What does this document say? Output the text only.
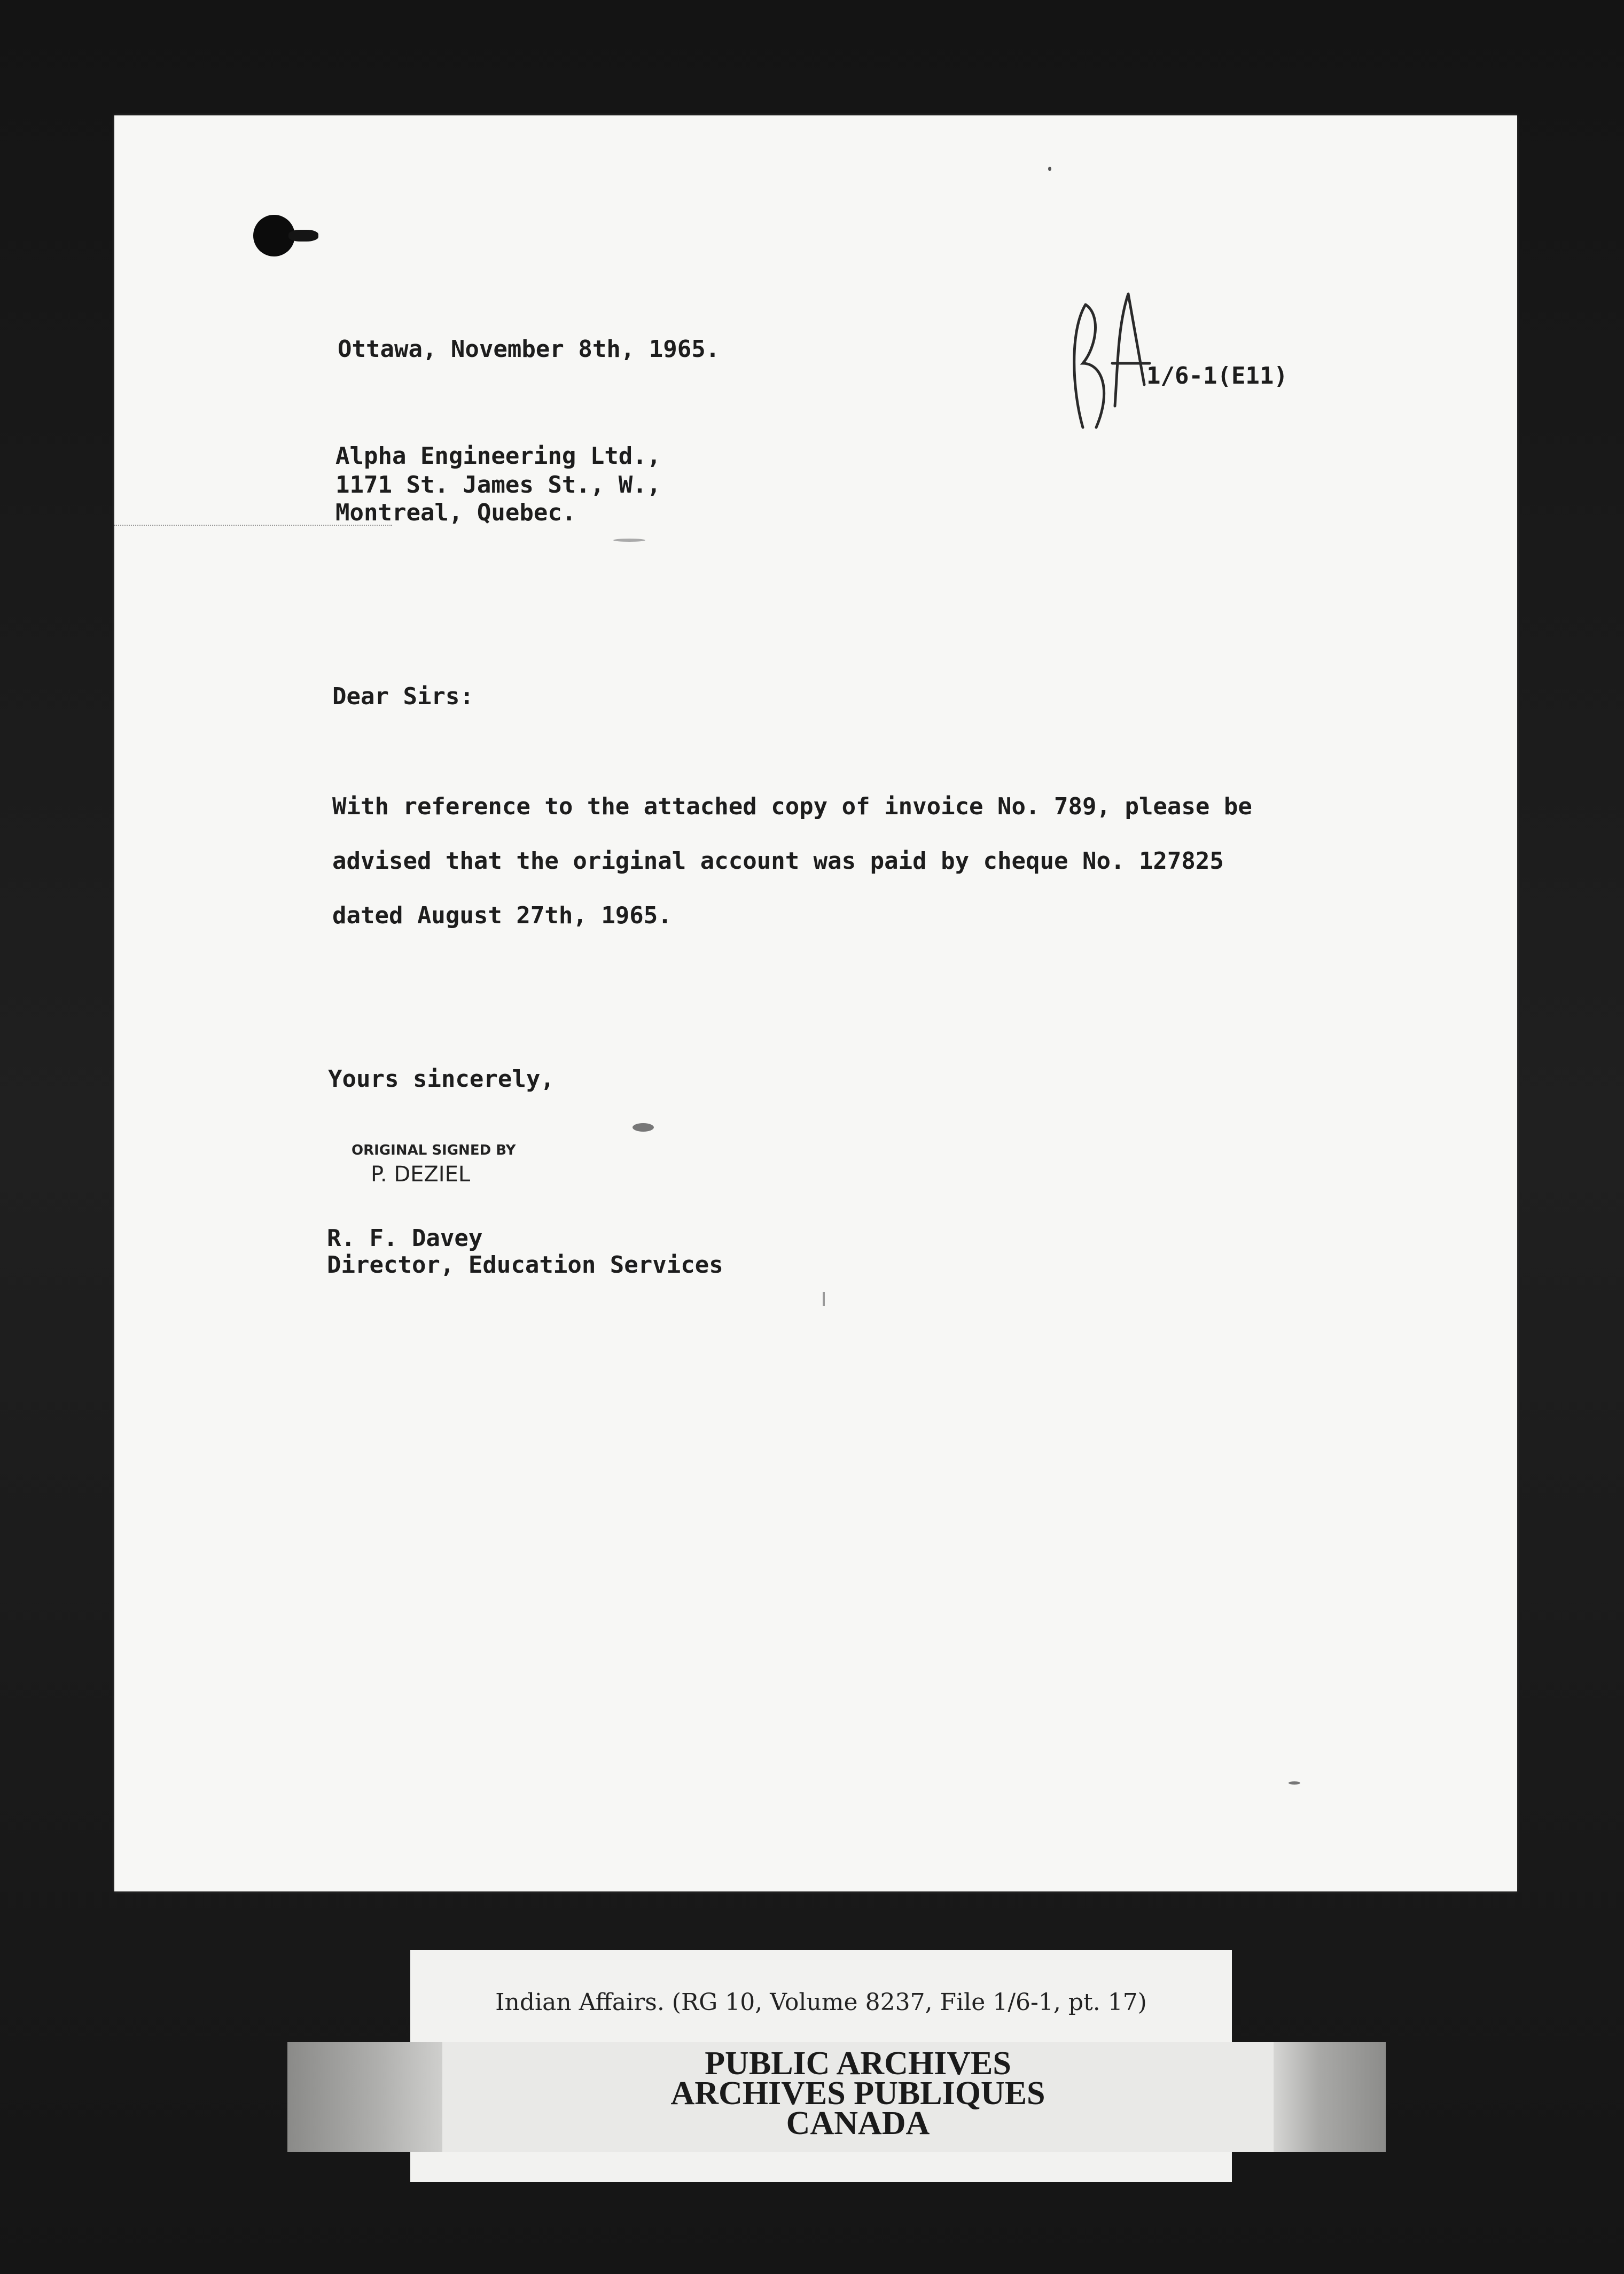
Ottawa, November 8th, 1965.
1/6-1(E11)
Alpha Engineering Ltd.,
1171 St. James St., W.,
Montreal, Quebec.
Dear Sirs:
With reference to the attached copy of invoice No. 789, please be
advised that the original account was paid by cheque No. 127825
dated August 27th, 1965.
Yours sincerely,
ORIGINAL SIGNED BY
P. DEZIEL
R. F. Davey
Director, Education Services
Indian Affairs. (RG 10, Volume 8237, File 1/6-1, pt. 17)
PUBLIC ARCHIVES
ARCHIVES PUBLIQUES
CANADA
